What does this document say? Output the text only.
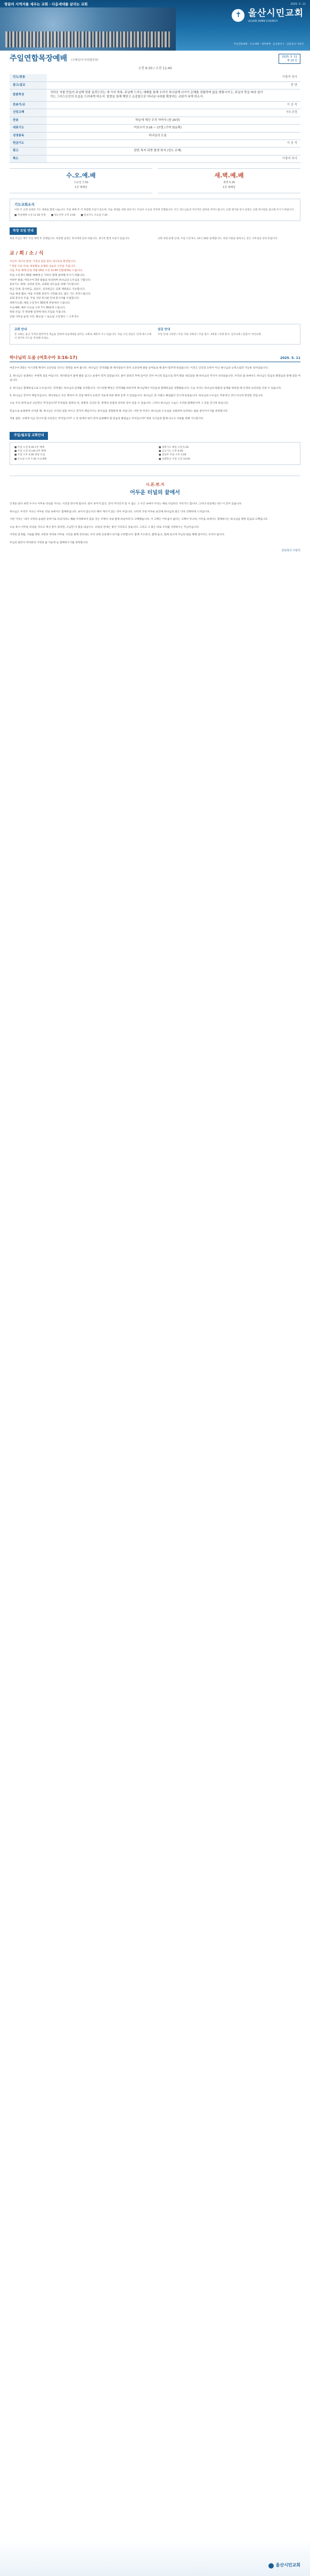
땅끝의 사역자를 세우는 교회 · 다음세대를 살리는 교회	2025. 5. 11
✝ 울산시민교회
ULSAN SIMIN CHURCH
주일연합예배 · 수요예배 · 새벽예배 · 울산광역시 · 담임목사 이광석
주일연합목장예배 (주례일/서기/연합목장)
2025. 5. 11
제 19 권
오전 9:30 / 오전 11:40
인도/찬송		이광석 목사
참고/설교		찬 양
말씀묵상	귀하신 자를 만들어 주님께 영광 올려드리는 세 가지 축복, 주님께 드리는 예배를 통해 우리가 하나님께 나아가 은혜를 경험하며 삶을 변화시키고, 주님의 뜻을 따라 살아가는 그리스도인의 모습을 드러내게 하소서. 말씀을 통해 깨닫고 순종함으로 하나님 나라를 확장하는 교회가 되게 하소서.	
찬송가/교		이 공 석
신앙고백		사도신경
찬송	하늘에 계신 우리 아버지 (찬 20장)	
대표기도	여호수아 3:16 ~ 17절 (구약 311쪽)	
성경봉독	하나님의 도움	
헌금기도		이 공 석
광고	한번 목자 되면 평생 목자 (성도 교제)	
축도		이광석 목사
수.오.예.배

수요일 7:30

1강 예배당

새.벽.예.배

새벽 5:30

1강 예배당

기도교회소식

이번 주 교회 일정과 기도 제목을 함께 나눕니다. 주일 예배 후 각 목장별 모임이 있으며, 다음 세대를 위한 중보기도 모임이 수요일 저녁에 진행됩니다. 모든 성도님들의 적극적인 참여를 부탁드립니다. 교회 행사와 봉사 일정은 교회 게시판을 참고해 주시기 바랍니다.

■ 주일예배 오전 11:40 본당 ■ 청소년부 오후 2:00 ■ 중보기도 수요일 7:30
목장 모임 안내
목장 모임은 매주 주일 예배 후 진행됩니다. 목장별 일정은 목자에게 문의 바랍니다. 새가족 환영 모임이 있습니다.	교회 차량 운행 안내: 주일 오전 9시, 10시 30분 운행합니다. 차량 이용을 원하시는 분은 사무실로 연락 바랍니다.
교 / 회 / 소 / 식
지난주 새가족 환영: 가정의 달을 맞아 새가족을 환영합니다.
* 목장 모임 안내: 목장별로 교제와 나눔의 시간을 가집니다.
다음 주일 예배 안내: 5월 18일 오전 11:40 연합예배로 드립니다.
주일 오전 9시 30분 예배에 온 가족이 함께 참여해 주시기 바랍니다.
이번주 말씀: 여호수아 3장 말씀을 묵상하며 하나님의 도우심을 구합니다.
중보기도 제목: 나라와 민족, 교회와 성도들을 위해 기도합니다.
헌금 안내: 감사헌금, 십일조, 선교헌금은 교회 계좌로도 가능합니다.
다음 세대 캠프: 여름 수련회 준비가 시작됩니다. 많은 기도 부탁드립니다.
교회 봉사자 모집: 주일 식당 봉사와 안내 봉사자를 모집합니다.
새벽기도회: 매일 오전 5시 30분에 본당에서 드립니다.
수요예배: 매주 수요일 오후 7시 30분에 드립니다.
목장 모임: 각 목장별 일정에 따라 모임을 가집니다.
교회 사무실 운영 시간: 화요일 ~ 토요일 오전 9시 ~ 오후 5시
교회 안내
본 교회는 울산 지역의 땅끝까지 복음을 전하며 다음세대를 살리는 교회로 세워져 가고 있습니다. 처음 오신 분들은 안내 데스크에서 새가족 카드를 작성해 주세요.
섬김 안내
주일 안내: 1목장 / 주일 식당: 2목장 / 주일 청소: 3목장 / 차량 봉사: 남선교회 / 꽃꽂이: 여선교회
하나님의 도움 (여호수아 3:16-17)	2025. 5. 11

여호수아 3장은 이스라엘 백성이 요단강을 건너는 장면을 보여 줍니다. 하나님은 언약궤를 멘 제사장들이 먼저 요단강에 발을 들여놓을 때 물이 멈추게 하셨습니다. 이것은 인간의 능력이 아닌 하나님의 능력으로만 가능한 일이었습니다.

1. 하나님은 순종하는 자에게 길을 여십니다. 제사장들이 물에 발을 담그는 순종이 먼저 있었습니다. 물이 갈라진 후에 들어간 것이 아니라 믿음으로 먼저 발을 내딛었을 때 하나님의 역사가 나타났습니다. 우리의 삶 속에서도 하나님은 믿음의 발걸음을 통해 길을 여십니다.

2. 하나님은 함께하심으로 도우십니다. 언약궤는 하나님의 임재를 상징합니다. 이스라엘 백성은 언약궤를 따라가며 하나님께서 자신들과 함께하심을 경험했습니다. 오늘 우리도 하나님의 말씀과 임재를 따라갈 때 인생의 요단강을 건널 수 있습니다.

3. 하나님은 끝까지 책임지십니다. 제사장들은 모든 백성이 다 건널 때까지 요단강 가운데 마른 땅에 굳게 서 있었습니다. 하나님은 한 사람도 빠짐없이 건너게 하셨습니다. 하나님의 도우심은 부분적인 것이 아니라 완전한 것입니다.

오늘 우리 앞에 놓인 요단강은 무엇입니까? 두려움과 염려의 강, 질병과 고난의 강, 관계의 단절과 상처의 강이 있을 수 있습니다. 그러나 하나님은 오늘도 우리와 함께하시며 그 강을 건너게 하십니다.

믿음으로 순종하며 나아갈 때, 하나님은 우리의 길을 여시고 끝까지 책임지시는 분이심을 경험하게 될 것입니다. 이번 한 주간도 하나님의 도우심을 신뢰하며 승리하는 삶을 살아가시기를 축복합니다.

적용 질문: 나에게 지금 건너야 할 요단강은 무엇입니까? 그 강 앞에서 내가 먼저 순종해야 할 믿음의 발걸음은 무엇입니까? 목장 식구들과 함께 나누고 서로를 위해 기도합시다.

주일/월요일 교회안내
■ 주일 오전 9:30 1부 예배
■ 주일 오전 11:40 2부 예배
■ 주일 오후 2:00 목장 모임
■ 수요일 오후 7:30 수요예배
■ 새벽기도 매일 오전 5:30
■ 금요기도 오후 9:00
■ 청년부 주일 오후 3:00
■ 교회학교 주일 오전 10:00
시.론.편.지
어두운 터널의 끝에서

인생을 살다 보면 누구나 어두운 터널을 지나는 시간을 만나게 됩니다. 앞이 보이지 않고, 끝이 어디인지 알 수 없는 그 시간 속에서 우리는 때로 낙심하고 지치기도 합니다. 그러나 터널에는 반드시 끝이 있습니다.

하나님은 우리가 지나는 어두운 터널 속에서도 함께하십니다. 보이지 않는다고 해서 계시지 않는 것이 아닙니다. 오히려 가장 어두운 순간에 하나님의 빛은 더욱 선명하게 드러납니다.

시편 기자는 '내가 사망의 음침한 골짜기로 다닐지라도 해를 두려워하지 않을 것은 주께서 나와 함께 하심이라'고 고백했습니다. 이 고백은 어두움이 없다는 고백이 아니라, 어두움 속에서도 함께하시는 하나님을 향한 믿음의 고백입니다.

오늘 혹시 어두운 터널을 지나고 계신 분이 있다면, 조금만 더 힘을 내십시오. 터널의 끝에는 빛이 기다리고 있습니다. 그리고 그 빛은 바로 우리를 사랑하시는 주님이십니다.

가정의 달 5월, 서로를 향한 사랑과 격려로 어두운 시간을 함께 견뎌내는 우리 교회 공동체가 되기를 소망합니다. 함께 기도하고, 함께 울고, 함께 웃으며 주님의 빛을 향해 걸어가는 우리가 됩시다.

주님의 평안이 여러분의 가정과 삶 가운데 늘 함께하시기를 축복합니다.

담임목사 이광석
울산시민교회
